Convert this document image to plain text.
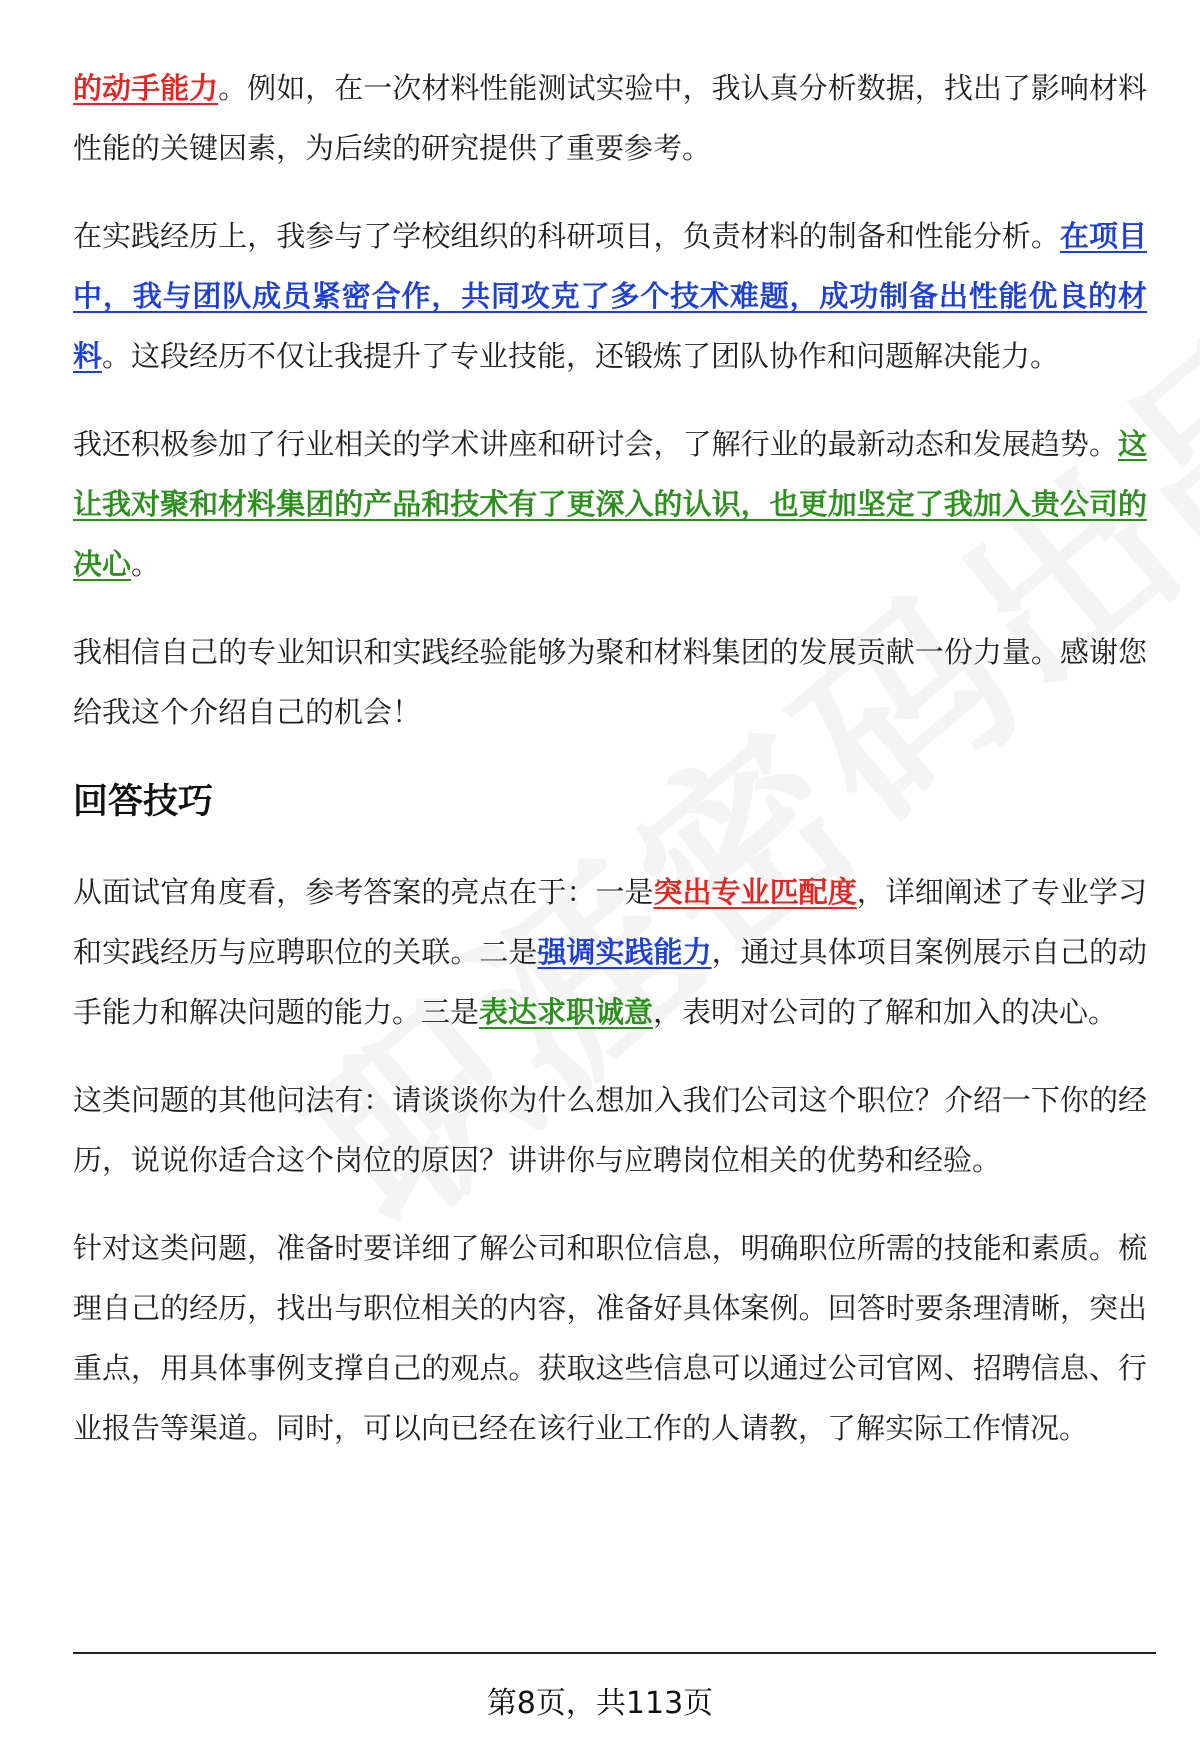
的动手能力。例如，在一次材料性能测试实验中，我认真分析数据，找出了影响材料性能的关键因素，为后续的研究提供了重要参考。

在实践经历上，我参与了学校组织的科研项目，负责材料的制备和性能分析。在项目中，我与团队成员紧密合作，共同攻克了多个技术难题，成功制备出性能优良的材料。这段经历不仅让我提升了专业技能，还锻炼了团队协作和问题解决能力。

我还积极参加了行业相关的学术讲座和研讨会，了解行业的最新动态和发展趋势。这让我对聚和材料集团的产品和技术有了更深入的认识，也更加坚定了我加入贵公司的决心。

我相信自己的专业知识和实践经验能够为聚和材料集团的发展贡献一份力量。感谢您给我这个介绍自己的机会！

回答技巧

从面试官角度看，参考答案的亮点在于：一是突出专业匹配度，详细阐述了专业学习和实践经历与应聘职位的关联。二是强调实践能力，通过具体项目案例展示自己的动手能力和解决问题的能力。三是表达求职诚意，表明对公司的了解和加入的决心。

这类问题的其他问法有：请谈谈你为什么想加入我们公司这个职位？介绍一下你的经历，说说你适合这个岗位的原因？讲讲你与应聘岗位相关的优势和经验。

针对这类问题，准备时要详细了解公司和职位信息，明确职位所需的技能和素质。梳理自己的经历，找出与职位相关的内容，准备好具体案例。回答时要条理清晰，突出重点，用具体事例支撑自己的观点。获取这些信息可以通过公司官网、招聘信息、行业报告等渠道。同时，可以向已经在该行业工作的人请教，了解实际工作情况。

第8页，共113页
